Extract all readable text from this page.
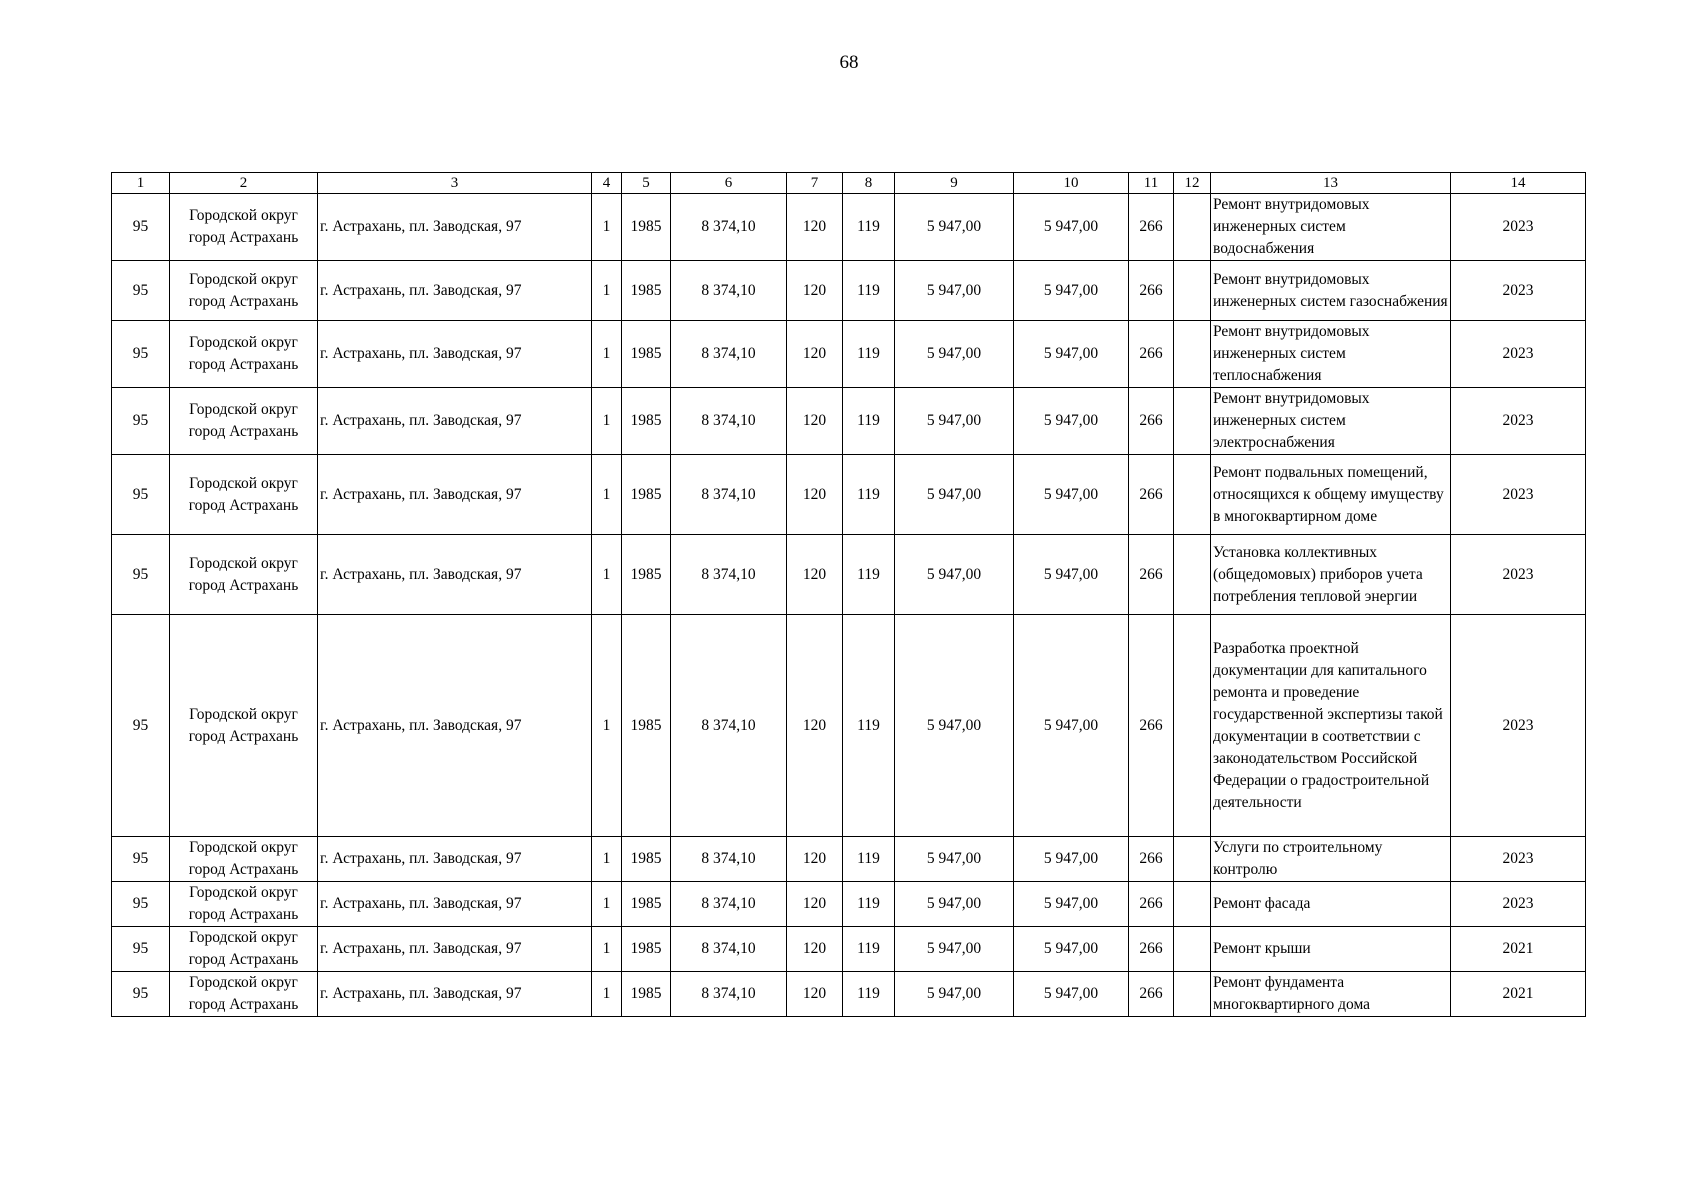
68
1	2	3	4	5	6	7	8	9	10	11	12	13	14
95	Городской округ город Астрахань	г. Астрахань, пл. Заводская, 97	1	1985	8 374,10	120	119	5 947,00	5 947,00	266		Ремонт внутридомовых инженерных систем водоснабжения	2023
95	Городской округ город Астрахань	г. Астрахань, пл. Заводская, 97	1	1985	8 374,10	120	119	5 947,00	5 947,00	266		Ремонт внутридомовых инженерных систем газоснабжения	2023
95	Городской округ город Астрахань	г. Астрахань, пл. Заводская, 97	1	1985	8 374,10	120	119	5 947,00	5 947,00	266		Ремонт внутридомовых инженерных систем теплоснабжения	2023
95	Городской округ город Астрахань	г. Астрахань, пл. Заводская, 97	1	1985	8 374,10	120	119	5 947,00	5 947,00	266		Ремонт внутридомовых инженерных систем электроснабжения	2023
95	Городской округ город Астрахань	г. Астрахань, пл. Заводская, 97	1	1985	8 374,10	120	119	5 947,00	5 947,00	266		Ремонт подвальных помещений, относящихся к общему имуществу в многоквартирном доме	2023
95	Городской округ город Астрахань	г. Астрахань, пл. Заводская, 97	1	1985	8 374,10	120	119	5 947,00	5 947,00	266		Установка коллективных (общедомовых) приборов учета потребления тепловой энергии	2023
95	Городской округ город Астрахань	г. Астрахань, пл. Заводская, 97	1	1985	8 374,10	120	119	5 947,00	5 947,00	266		Разработка проектной документации для капитального ремонта и проведение государственной экспертизы такой документации в соответствии с законодательством Российской Федерации о градостроительной деятельности	2023
95	Городской округ город Астрахань	г. Астрахань, пл. Заводская, 97	1	1985	8 374,10	120	119	5 947,00	5 947,00	266		Услуги по строительному контролю	2023
95	Городской округ город Астрахань	г. Астрахань, пл. Заводская, 97	1	1985	8 374,10	120	119	5 947,00	5 947,00	266		Ремонт фасада	2023
95	Городской округ город Астрахань	г. Астрахань, пл. Заводская, 97	1	1985	8 374,10	120	119	5 947,00	5 947,00	266		Ремонт крыши	2021
95	Городской округ город Астрахань	г. Астрахань, пл. Заводская, 97	1	1985	8 374,10	120	119	5 947,00	5 947,00	266		Ремонт фундамента многоквартирного дома	2021
